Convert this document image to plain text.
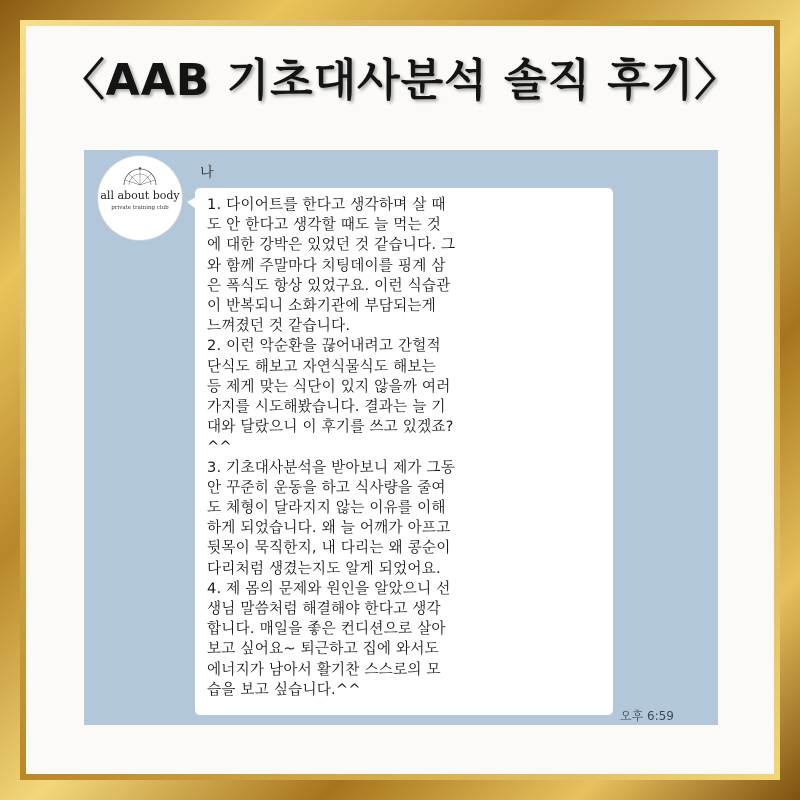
〈AAB 기초대사분석 솔직 후기〉
all about body
private training club
나
1. 다이어트를 한다고 생각하며 살 때
도 안 한다고 생각할 때도 늘 먹는 것
에 대한 강박은 있었던 것 같습니다. 그
와 함께 주말마다 치팅데이를 핑계 삼
은 폭식도 항상 있었구요. 이런 식습관
이 반복되니 소화기관에 부담되는게
느껴졌던 것 같습니다.
2. 이런 악순환을 끊어내려고 간헐적
단식도 해보고 자연식물식도 해보는
등 제게 맞는 식단이 있지 않을까 여러
가지를 시도해봤습니다. 결과는 늘 기
대와 달랐으니 이 후기를 쓰고 있겠죠?
^^
3. 기초대사분석을 받아보니 제가 그동
안 꾸준히 운동을 하고 식사량을 줄여
도 체형이 달라지지 않는 이유를 이해
하게 되었습니다. 왜 늘 어깨가 아프고
뒷목이 묵직한지, 내 다리는 왜 콩순이
다리처럼 생겼는지도 알게 되었어요.
4. 제 몸의 문제와 원인을 알았으니 선
생님 말씀처럼 해결해야 한다고 생각
합니다. 매일을 좋은 컨디션으로 살아
보고 싶어요~ 퇴근하고 집에 와서도
에너지가 남아서 활기찬 스스로의 모
습을 보고 싶습니다.^^
오후 6:59
